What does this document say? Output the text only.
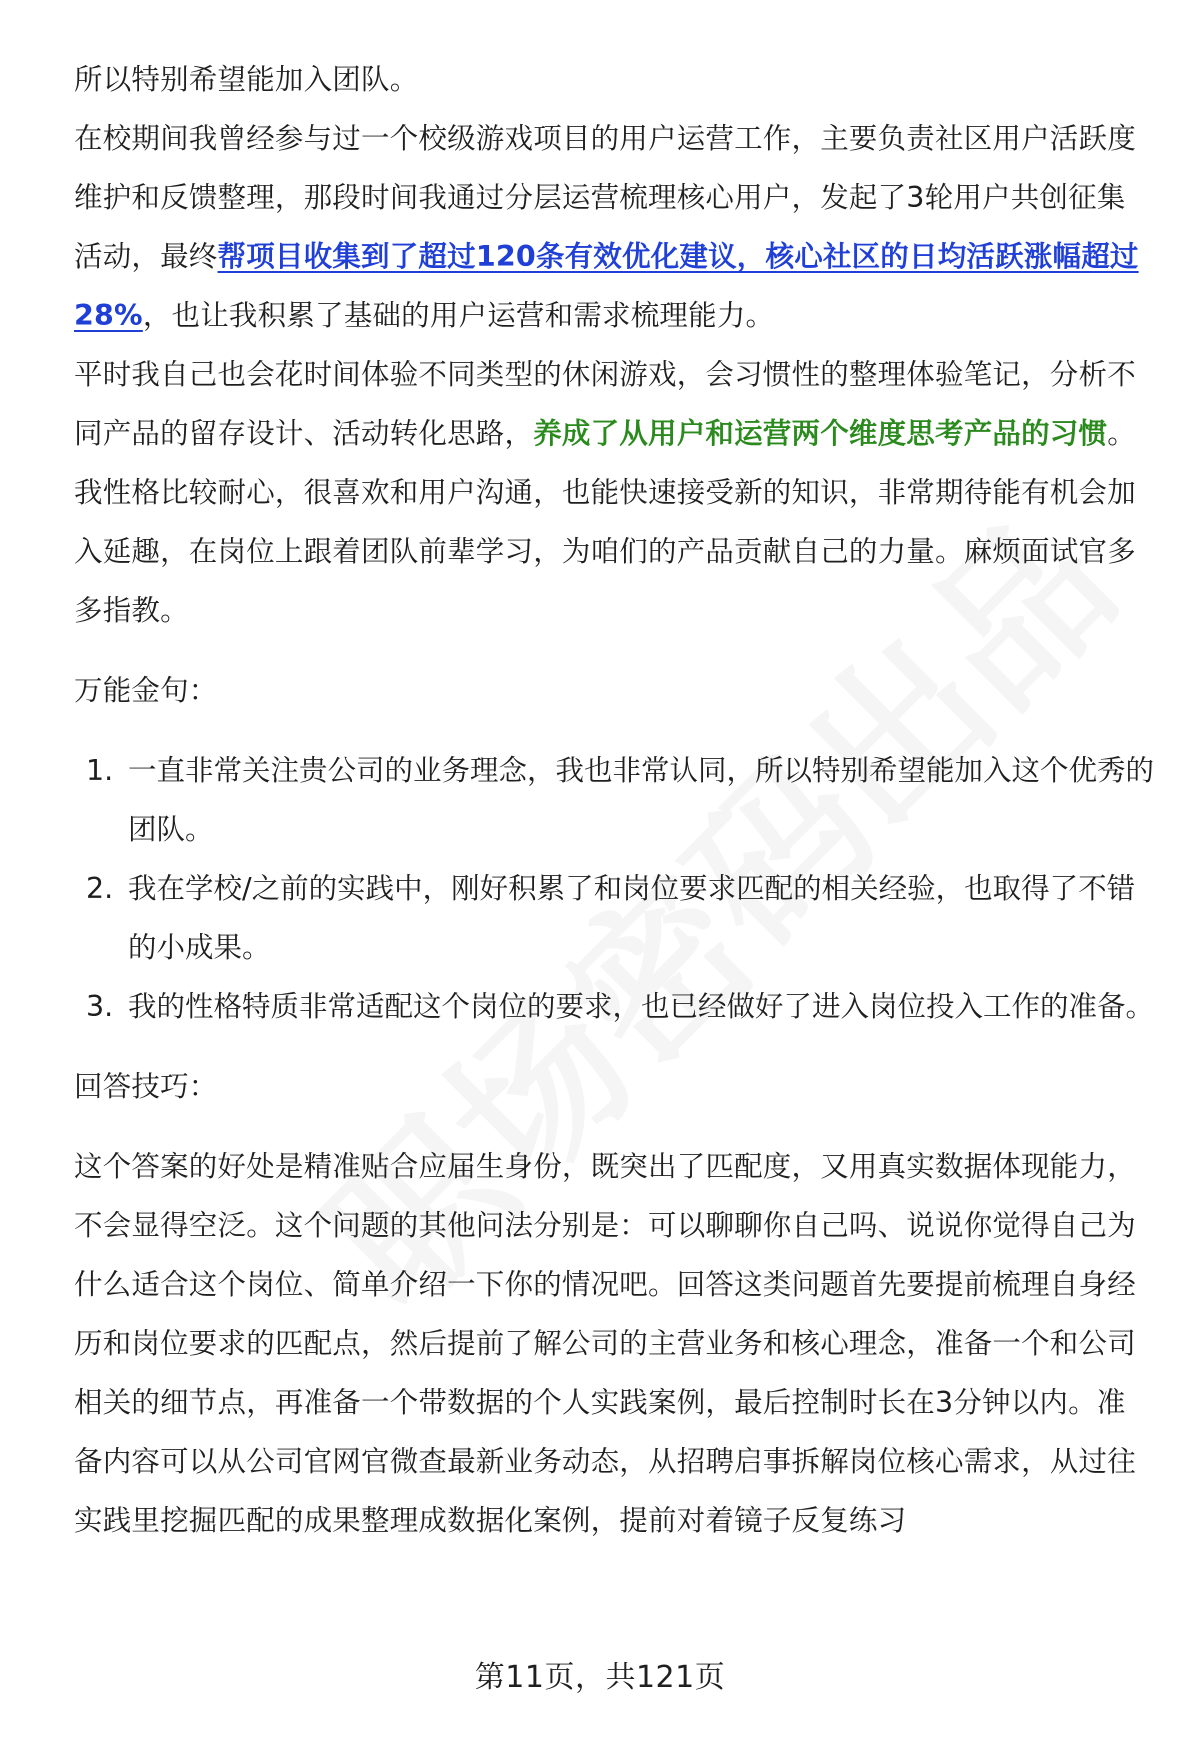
所以特别希望能加入团队。

在校期间我曾经参与过一个校级游戏项目的用户运营工作，主要负责社区用户活跃度维护和反馈整理，那段时间我通过分层运营梳理核心用户，发起了3轮用户共创征集活动，最终帮项目收集到了超过120条有效优化建议，核心社区的日均活跃涨幅超过28%，也让我积累了基础的用户运营和需求梳理能力。

平时我自己也会花时间体验不同类型的休闲游戏，会习惯性的整理体验笔记，分析不同产品的留存设计、活动转化思路，养成了从用户和运营两个维度思考产品的习惯。我性格比较耐心，很喜欢和用户沟通，也能快速接受新的知识，非常期待能有机会加入延趣，在岗位上跟着团队前辈学习，为咱们的产品贡献自己的力量。麻烦面试官多多指教。

万能金句：

1. 一直非常关注贵公司的业务理念，我也非常认同，所以特别希望能加入这个优秀的团队。
2. 我在学校/之前的实践中，刚好积累了和岗位要求匹配的相关经验，也取得了不错的小成果。
3. 我的性格特质非常适配这个岗位的要求，也已经做好了进入岗位投入工作的准备。

回答技巧：

这个答案的好处是精准贴合应届生身份，既突出了匹配度，又用真实数据体现能力，不会显得空泛。这个问题的其他问法分别是：可以聊聊你自己吗、说说你觉得自己为什么适合这个岗位、简单介绍一下你的情况吧。回答这类问题首先要提前梳理自身经历和岗位要求的匹配点，然后提前了解公司的主营业务和核心理念，准备一个和公司相关的细节点，再准备一个带数据的个人实践案例，最后控制时长在3分钟以内。准备内容可以从公司官网官微查最新业务动态，从招聘启事拆解岗位核心需求，从过往实践里挖掘匹配的成果整理成数据化案例，提前对着镜子反复练习

第11页，共121页
